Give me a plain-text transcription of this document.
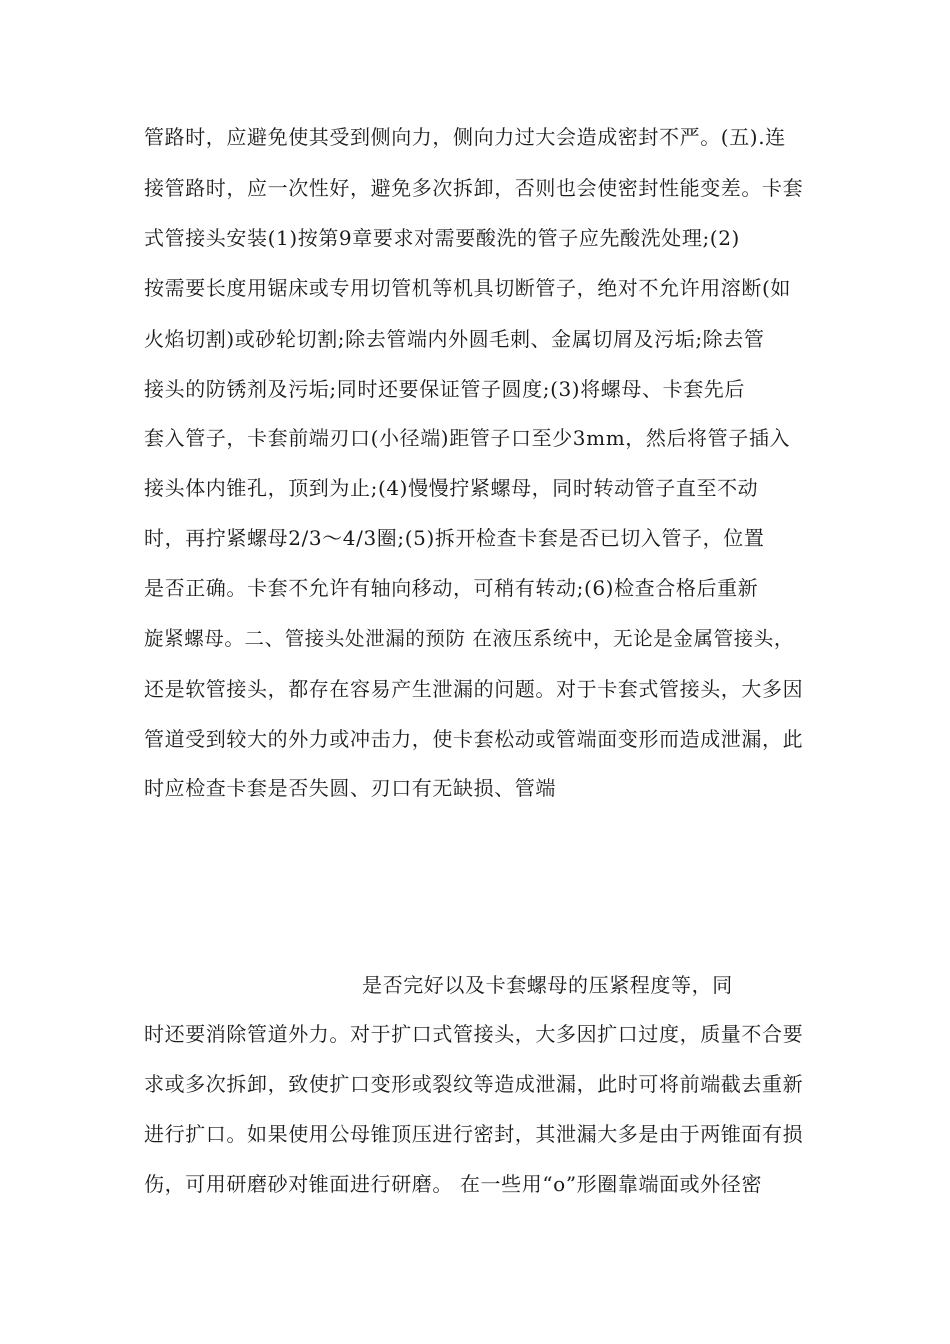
管路时，应避免使其受到侧向力，侧向力过大会造成密封不严。(五).连
接管路时，应一次性好，避免多次拆卸，否则也会使密封性能变差。卡套
式管接头安装(1)按第9章要求对需要酸洗的管子应先酸洗处理;(2)
按需要长度用锯床或专用切管机等机具切断管子，绝对不允许用溶断(如
火焰切割)或砂轮切割;除去管端内外圆毛刺、金属切屑及污垢;除去管
接头的防锈剂及污垢;同时还要保证管子圆度;(3)将螺母、卡套先后
套入管子，卡套前端刃口(小径端)距管子口至少3mm，然后将管子插入
接头体内锥孔，顶到为止;(4)慢慢拧紧螺母，同时转动管子直至不动
时，再拧紧螺母2/3～4/3圈;(5)拆开检查卡套是否已切入管子，位置
是否正确。卡套不允许有轴向移动，可稍有转动;(6)检查合格后重新
旋紧螺母。二、管接头处泄漏的预防 在液压系统中，无论是金属管接头，
还是软管接头，都存在容易产生泄漏的问题。对于卡套式管接头，大多因
管道受到较大的外力或冲击力，使卡套松动或管端面变形而造成泄漏，此
时应检查卡套是否失圆、刃口有无缺损、管端
是否完好以及卡套螺母的压紧程度等，同
时还要消除管道外力。对于扩口式管接头，大多因扩口过度，质量不合要
求或多次拆卸，致使扩口变形或裂纹等造成泄漏，此时可将前端截去重新
进行扩口。如果使用公母锥顶压进行密封，其泄漏大多是由于两锥面有损
伤，可用研磨砂对锥面进行研磨。 在一些用“o”形圈靠端面或外径密
